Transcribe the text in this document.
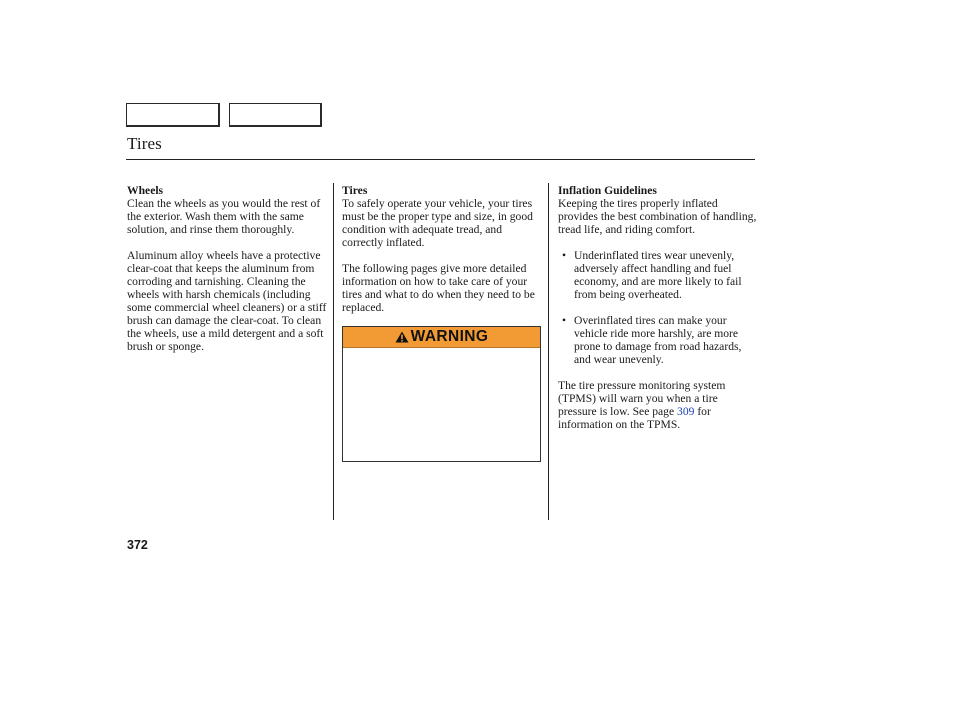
Tires
Wheels

Clean the wheels as you would the rest of the exterior. Wash them with the same solution, and rinse them thoroughly.

Aluminum alloy wheels have a protective clear-coat that keeps the aluminum from corroding and tarnishing. Cleaning the wheels with harsh chemicals (including some commercial wheel cleaners) or a stiff brush can damage the clear-coat. To clean the wheels, use a mild detergent and a soft brush or sponge.

Tires

To safely operate your vehicle, your tires must be the proper type and size, in good condition with adequate tread, and correctly inflated.

The following pages give more detailed information on how to take care of your tires and what to do when they need to be replaced.

WARNING
Inflation Guidelines

Keeping the tires properly inflated provides the best combination of handling, tread life, and riding comfort.

• Underinflated tires wear unevenly, adversely affect handling and fuel economy, and are more likely to fail from being overheated.
• Overinflated tires can make your vehicle ride more harshly, are more prone to damage from road hazards, and wear unevenly.

The tire pressure monitoring system (TPMS) will warn you when a tire pressure is low. See page 309 for information on the TPMS.

372
